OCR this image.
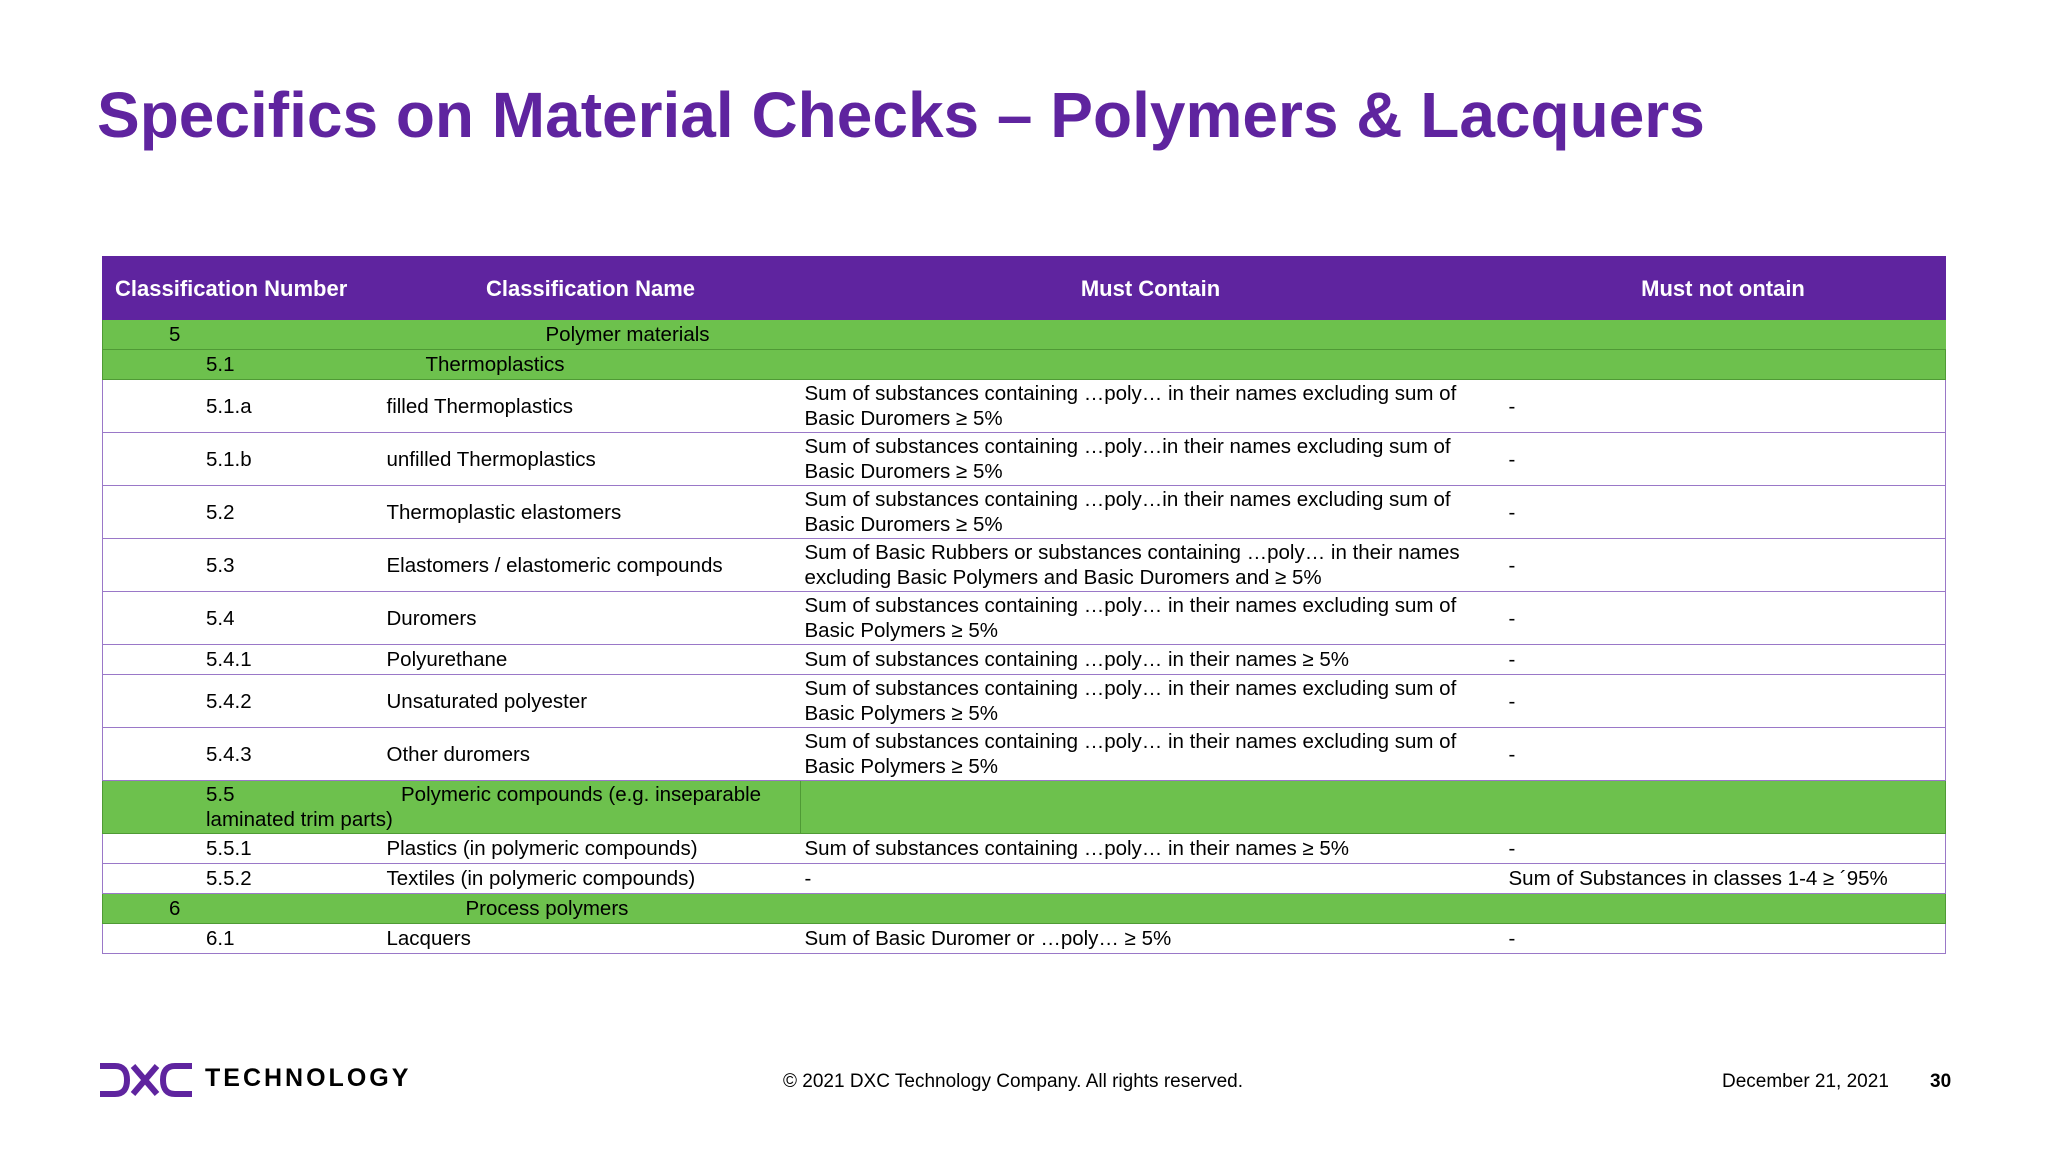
Specifics on Material Checks – Polymers & Lacquers
Classification Number	Classification Name	Must Contain	Must not ontain
5	Polymer materials		
5.1	Thermoplastics		
5.1.a	filled Thermoplastics	Sum of substances containing …poly… in their names excluding sum of Basic Duromers ≥ 5%	-
5.1.b	unfilled Thermoplastics	Sum of substances containing …poly…in their names excluding sum of Basic Duromers ≥ 5%	-
5.2	Thermoplastic elastomers	Sum of substances containing …poly…in their names excluding sum of Basic Duromers ≥ 5%	-
5.3	Elastomers / elastomeric compounds	Sum of Basic Rubbers or substances containing …poly… in their names excluding Basic Polymers and Basic Duromers and ≥ 5%	-
5.4	Duromers	Sum of substances containing …poly… in their names excluding sum of Basic Polymers ≥ 5%	-
5.4.1	Polyurethane	Sum of substances containing …poly… in their names ≥ 5%	-
5.4.2	Unsaturated polyester	Sum of substances containing …poly… in their names excluding sum of Basic Polymers ≥ 5%	-
5.4.3	Other duromers	Sum of substances containing …poly… in their names excluding sum of Basic Polymers ≥ 5%	-
5.5 Polymeric compounds (e.g. inseparable laminated trim parts)			
5.5.1	Plastics (in polymeric compounds)	Sum of substances containing …poly… in their names ≥ 5%	-
5.5.2	Textiles (in polymeric compounds)	-	Sum of Substances in classes 1-4 ≥ ´95%
6	Process polymers		
6.1	Lacquers	Sum of Basic Duromer or …poly… ≥ 5%	-
TECHNOLOGY	© 2021 DXC Technology Company. All rights reserved.	December 21, 2021 30
